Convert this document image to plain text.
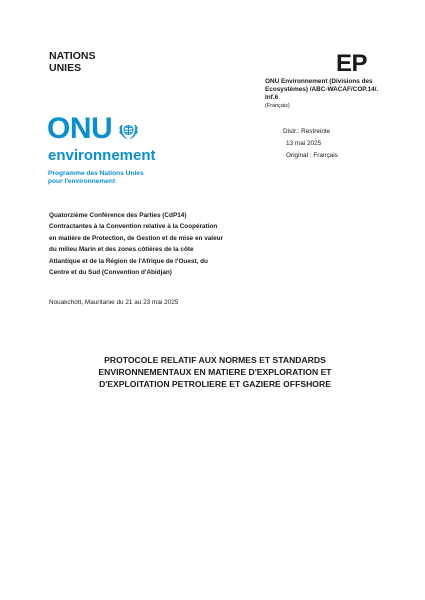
NATIONS
UNIES	EP
ONU Environnement (Divisions des
Ecosystèmes) /ABC-WACAF/COP.14/.
Inf.6
(Français)
ONU
environnement
Programme des Nations Unies
pour l'environnement
Distr.: Restreinte
13 mai 2025
Original : Français
Quatorzième Conférence des Parties (CdP14)
Contractantes à la Convention relative à la Coopération
en matière de Protection, de Gestion et de mise en valeur
du milieu Marin et des zones côtières de la côte
Atlantique et de la Région de l'Afrique de l'Ouest, du
Centre et du Sud (Convention d'Abidjan)
Nouakchott, Mauritanie du 21 au 23 mai 2025
PROTOCOLE RELATIF AUX NORMES ET STANDARDS
ENVIRONNEMENTAUX EN MATIERE D'EXPLORATION ET
D'EXPLOITATION PETROLIERE ET GAZIERE OFFSHORE
